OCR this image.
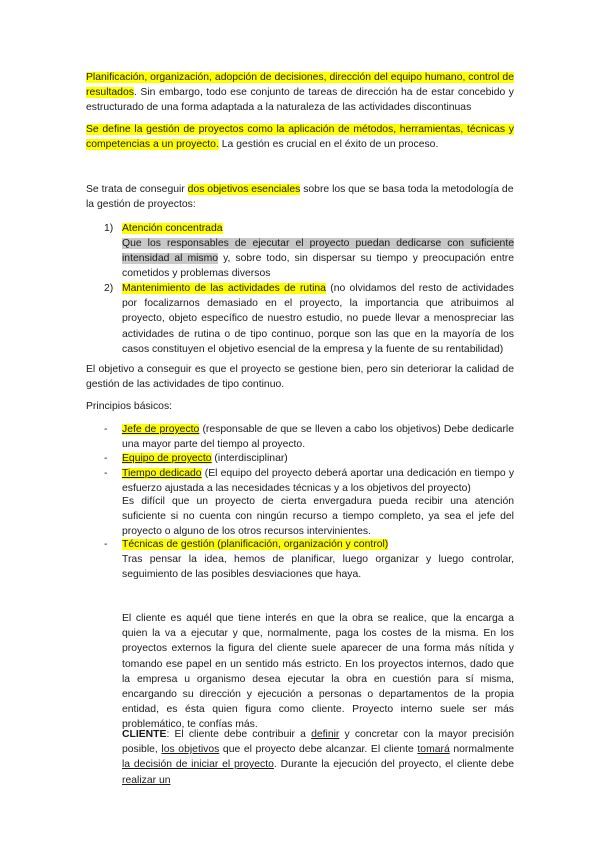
Planificación, organización, adopción de decisiones, dirección del equipo humano, control de resultados. Sin embargo, todo ese conjunto de tareas de dirección ha de estar concebido y estructurado de una forma adaptada a la naturaleza de las actividades discontinuas
Se define la gestión de proyectos como la aplicación de métodos, herramientas, técnicas y competencias a un proyecto. La gestión es crucial en el éxito de un proceso.
Se trata de conseguir dos objetivos esenciales sobre los que se basa toda la metodología de la gestión de proyectos:
1) Atención concentrada
Que los responsables de ejecutar el proyecto puedan dedicarse con suficiente intensidad al mismo y, sobre todo, sin dispersar su tiempo y preocupación entre cometidos y problemas diversos
2) Mantenimiento de las actividades de rutina (no olvidamos del resto de actividades por focalizarnos demasiado en el proyecto, la importancia que atribuimos al proyecto, objeto específico de nuestro estudio, no puede llevar a menospreciar las actividades de rutina o de tipo continuo, porque son las que en la mayoría de los casos constituyen el objetivo esencial de la empresa y la fuente de su rentabilidad)
El objetivo a conseguir es que el proyecto se gestione bien, pero sin deteriorar la calidad de gestión de las actividades de tipo continuo.
Principios básicos:
- Jefe de proyecto (responsable de que se lleven a cabo los objetivos) Debe dedicarle una mayor parte del tiempo al proyecto.
- Equipo de proyecto (interdisciplinar)
- Tiempo dedicado (El equipo del proyecto deberá aportar una dedicación en tiempo y esfuerzo ajustada a las necesidades técnicas y a los objetivos del proyecto)
Es difícil que un proyecto de cierta envergadura pueda recibir una atención suficiente si no cuenta con ningún recurso a tiempo completo, ya sea el jefe del proyecto o alguno de los otros recursos intervinientes.
- Técnicas de gestión (planificación, organización y control)
Tras pensar la idea, hemos de planificar, luego organizar y luego controlar, seguimiento de las posibles desviaciones que haya.
El cliente es aquél que tiene interés en que la obra se realice, que la encarga a quien la va a ejecutar y que, normalmente, paga los costes de la misma. En los proyectos externos la figura del cliente suele aparecer de una forma más nítida y tomando ese papel en un sentido más estricto. En los proyectos internos, dado que la empresa u organismo desea ejecutar la obra en cuestión para sí misma, encargando su dirección y ejecución a personas o departamentos de la propia entidad, es ésta quien figura como cliente. Proyecto interno suele ser más problemático, te confías más.
CLIENTE: El cliente debe contribuir a definir y concretar con la mayor precisión posible, los objetivos que el proyecto debe alcanzar. El cliente tomará normalmente la decisión de iniciar el proyecto. Durante la ejecución del proyecto, el cliente debe realizar un
